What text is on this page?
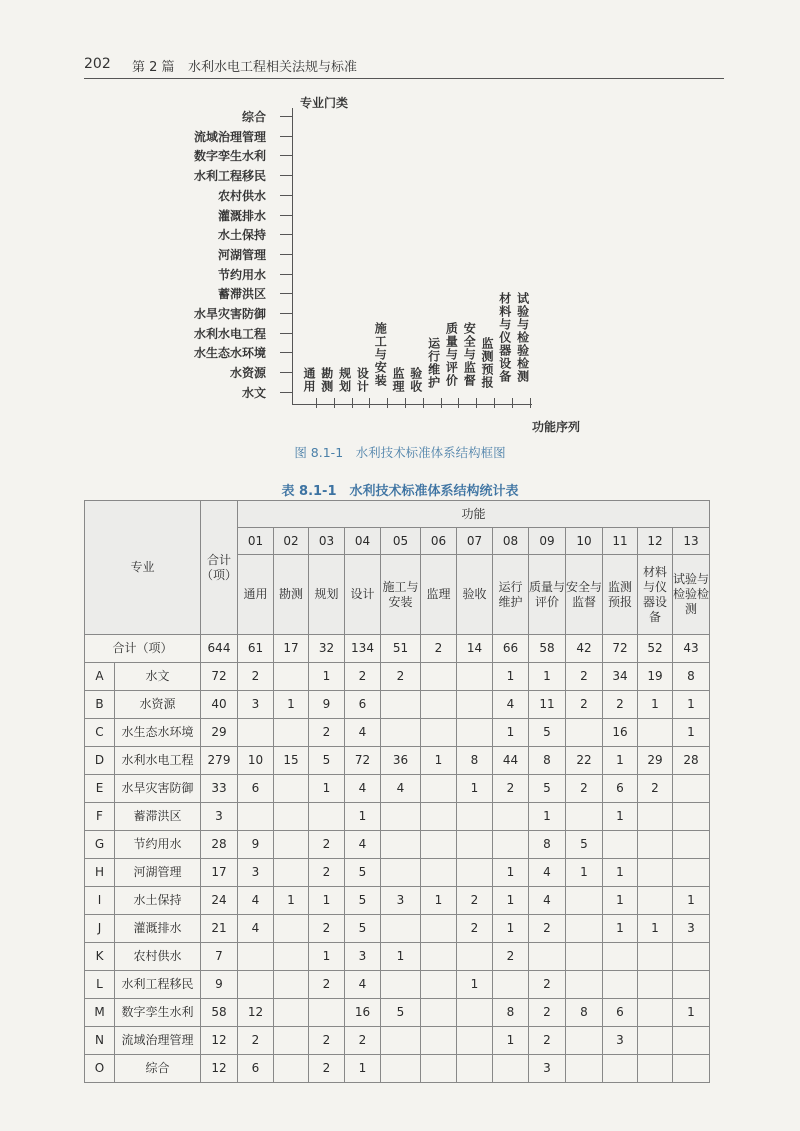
202 第 2 篇 水利水电工程相关法规与标准
专业门类
功能序列
综合
流域治理管理
数字孪生水利
水利工程移民
农村供水
灌溉排水
水土保持
河湖管理
节约用水
蓄滞洪区
水旱灾害防御
水利水电工程
水生态水环境
水资源
水文	通用 勘测 规划 设计 施工与安装 监理 验收 运行维护 质量与评价 安全与监督 监测预报 材料与仪器设备 试验与检验检测
图 8.1-1　水利技术标准体系结构框图
表 8.1-1　水利技术标准体系结构统计表
专业		合计（项）	功能												
			01	02	03	04	05	06	07	08	09	10	11	12	13
			通用	勘测	规划	设计	施工与安装	监理	验收	运行维护	质量与评价	安全与监督	监测预报	材料与仪器设备	试验与检验检测
合计（项）		644	61	17	32	134	51	2	14	66	58	42	72	52	43
A	水文	72	2		1	2	2			1	1	2	34	19	8
B	水资源	40	3	1	9	6				4	11	2	2	1	1
C	水生态水环境	29			2	4				1	5		16		1
D	水利水电工程	279	10	15	5	72	36	1	8	44	8	22	1	29	28
E	水旱灾害防御	33	6		1	4	4		1	2	5	2	6	2	
F	蓄滞洪区	3				1					1		1		
G	节约用水	28	9		2	4					8	5			
H	河湖管理	17	3		2	5				1	4	1	1		
I	水土保持	24	4	1	1	5	3	1	2	1	4		1		1
J	灌溉排水	21	4		2	5			2	1	2		1	1	3
K	农村供水	7			1	3	1			2					
L	水利工程移民	9			2	4			1		2				
M	数字孪生水利	58	12			16	5			8	2	8	6		1
N	流域治理管理	12	2		2	2				1	2		3		
O	综合	12	6		2	1					3				
